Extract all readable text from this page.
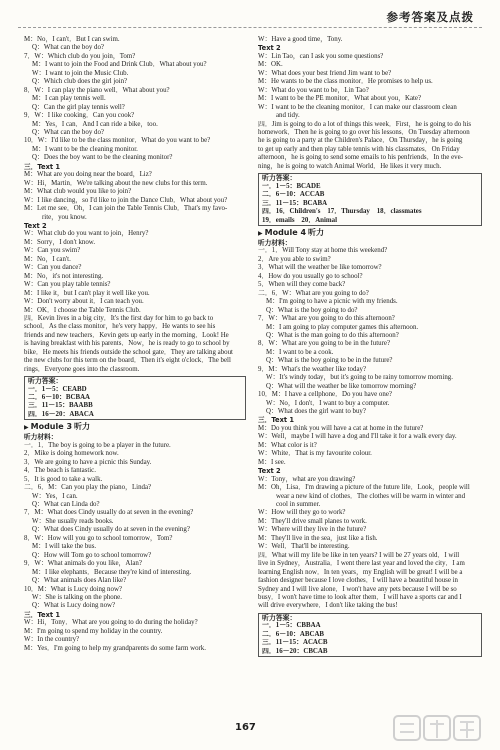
参考答案及点拨
M：No，I can't．But I can swim.
Q：What can the boy do?
7．W：Which club do you join，Tom?
M：I want to join the Food and Drink Club．What about you?
W：I want to join the Music Club.
Q：Which club does the girl join?
8．W：I can play the piano well．What about you?
M：I can play tennis well.
Q：Can the girl play tennis well?
9．W：I like cooking．Can you cook?
M：Yes，I can．And I can ride a bike，too.
Q：What can the boy do?
10．W：I'd like to be the class monitor．What do you want to be?
M：I want to be the cleaning monitor.
Q：Does the boy want to be the cleaning monitor?
三．Text 1
M：What are you doing near the board，Liz?
W：Hi，Martin．We're talking about the new clubs for this term.
M：What club would you like to join?
W：I like dancing，so I'd like to join the Dance Club．What about you?
M：Let me see．Oh，I can join the Table Tennis Club．That's my favo-
rite，you know.
Text 2
W：What club do you want to join，Henry?
M：Sorry，I don't know.
W：Can you swim?
M：No，I can't.
W：Can you dance?
M：No，it's not interesting.
W：Can you play table tennis?
M：I like it，but I can't play it well like you.
W：Don't worry about it．I can teach you.
M：OK．I choose the Table Tennis Club.
四．Kevin lives in a big city．It's the first day for him to go back to
school．As the class monitor，he's very happy．He wants to see his
friends and new teachers．Kevin gets up early in the morning．Look! He
is having breakfast with his parents．Now，he is ready to go to school by
bike．He meets his friends outside the school gate．They are talking about
the new clubs for this term on the board．Then it's eight o'clock．The bell
rings．Everyone goes into the classroom.
听力答案：
一．1－5：CEABD
二．6－10：BCBAA
三．11－15：BAABB
四．16－20：ABACA
▶ Module 3 听力
听力材料：
一．1．The boy is going to be a player in the future.
2．Mike is doing homework now.
3．We are going to have a picnic this Sunday.
4．The beach is fantastic.
5．It is good to take a walk.
二．6．M：Can you play the piano，Linda?
W：Yes，I can.
Q：What can Linda do?
7．M：What does Cindy usually do at seven in the evening?
W：She usually reads books.
Q：What does Cindy usually do at seven in the evening?
8．W：How will you go to school tomorrow，Tom?
M：I will take the bus.
Q：How will Tom go to school tomorrow?
9．W：What animals do you like，Alan?
M：I like elephants．Because they're kind of interesting.
Q：What animals does Alan like?
10．M：What is Lucy doing now?
W：She is talking on the phone.
Q：What is Lucy doing now?
三．Text 1
W：Hi，Tony．What are you going to do during the holiday?
M：I'm going to spend my holiday in the country.
W：In the country?
M：Yes．I'm going to help my grandparents do some farm work.
W：Have a good time，Tony.
Text 2
W：Lin Tao，can I ask you some questions?
M：OK.
W：What does your best friend Jim want to be?
M：He wants to be the class monitor．He promises to help us.
W：What do you want to be，Lin Tao?
M：I want to be the PE monitor．What about you，Kate?
W：I want to be the cleaning monitor．I can make our classroom clean
and tidy.
四．Jim is going to do a lot of things this week．First，he is going to do his
homework．Then he is going to go over his lessons．On Tuesday afternoon
he is going to a party at the Children's Palace．On Thursday，he is going
to get up early and then play table tennis with his classmates．On Friday
afternoon，he is going to send some emails to his penfriends．In the eve-
ning，he is going to watch Animal World．He likes it very much.
听力答案：
一．1－5：BCADE
二．6－10：ACCAB
三．11－15：BCABA
四．16．Children's　17．Thursday　18．classmates
19．emails　20．Animal
▶ Module 4 听力
听力材料：
一．1．Will Tony stay at home this weekend?
2．Are you able to swim?
3．What will the weather be like tomorrow?
4．How do you usually go to school?
5．When will they come back?
二．6．W：What are you going to do?
M：I'm going to have a picnic with my friends.
Q：What is the boy going to do?
7．W：What are you going to do this afternoon?
M：I am going to play computer games this afternoon.
Q：What is the man going to do this afternoon?
8．W：What are you going to be in the future?
M：I want to be a cook.
Q：What is the boy going to be in the future?
9．M：What's the weather like today?
W：It's windy today，but it's going to be rainy tomorrow morning.
Q：What will the weather be like tomorrow morning?
10．M：I have a cellphone．Do you have one?
W：No，I don't．I want to buy a computer.
Q：What does the girl want to buy?
三．Text 1
M：Do you think you will have a cat at home in the future?
W：Well，maybe I will have a dog and I'll take it for a walk every day.
M：What color is it?
W：White．That is my favourite colour.
M：I see.
Text 2
W：Tony，what are you drawing?
M：Oh，Lisa．I'm drawing a picture of the future life．Look，people will
wear a new kind of clothes．The clothes will be warm in winter and
cool in summer.
W：How will they go to work?
M：They'll drive small planes to work.
W：Where will they live in the future?
M：They'll live in the sea，just like a fish.
W：Well．That'll be interesting.
四．What will my life be like in ten years? I will be 27 years old．I will
live in Sydney，Australia．I went there last year and loved the city．I am
learning English now．In ten years，my English will be great! I will be a
fashion designer because I love clothes．I will have a beautiful house in
Sydney and I will live alone．I won't have any pets because I will be so
busy．I won't have time to look after them．I will have a sports car and I
will drive everywhere．I don't like taking the bus!
听力答案：
一．1－5：CBBAA
二．6－10：ABCAB
三．11－15：ACACB
四．16－20：CBCAB
167
